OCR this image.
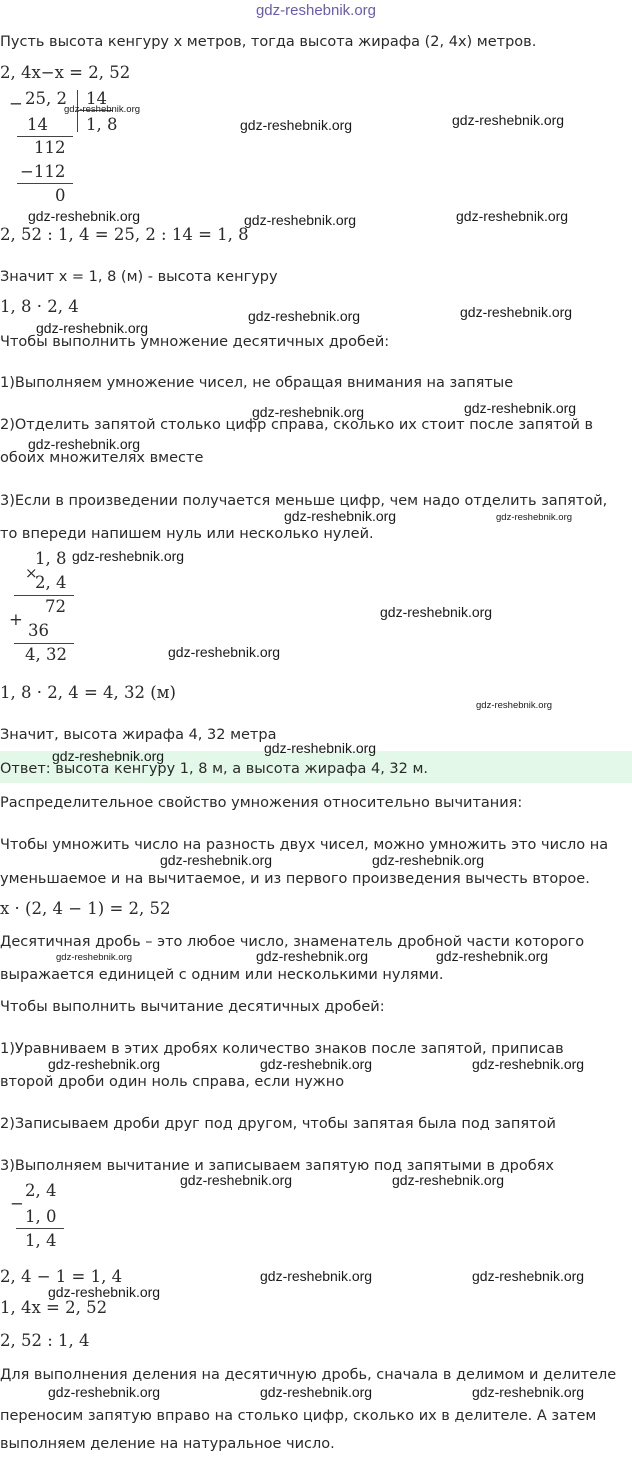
gdz-reshebnik.org
Пусть высота кенгуру x метров, тогда высота жирафа (2, 4x) метров.
2, 4x−x = 2, 52
2, 52 : 1, 4 = 25, 2 : 14 = 1, 8
Значит x = 1, 8 (м) - высота кенгуру
1, 8 · 2, 4
Чтобы выполнить умножение десятичных дробей:
1)Выполняем умножение чисел, не обращая внимания на запятые
2)Отделить запятой столько цифр справа, сколько их стоит после запятой в
обоих множителях вместе
3)Если в произведении получается меньше цифр, чем надо отделить запятой,
то впереди напишем нуль или несколько нулей.
1, 8 · 2, 4 = 4, 32 (м)
Значит, высота жирафа 4, 32 метра
Ответ: высота кенгуру 1, 8 м, а высота жирафа 4, 32 м.
Распределительное свойство умножения относительно вычитания:
Чтобы умножить число на разность двух чисел, можно умножить это число на
уменьшаемое и на вычитаемое, и из первого произведения вычесть второе.
x · (2, 4 − 1) = 2, 52
Десятичная дробь – это любое число, знаменатель дробной части которого
выражается единицей с одним или несколькими нулями.
Чтобы выполнить вычитание десятичных дробей:
1)Уравниваем в этих дробях количество знаков после запятой, приписав
второй дроби один ноль справа, если нужно
2)Записываем дроби друг под другом, чтобы запятая была под запятой
3)Выполняем вычитание и записываем запятую под запятыми в дробях
2, 4 − 1 = 1, 4
1, 4x = 2, 52
2, 52 : 1, 4
Для выполнения деления на десятичную дробь, сначала в делимом и делителе
переносим запятую вправо на столько цифр, сколько их в делителе. А затем
выполняем деление на натуральное число.
− 25, 2 14
14 1, 8
112
−112
0
1, 8
×
2, 4
72
+
36
4, 32
2, 4
−
1, 0
1, 4
gdz-reshebnik.org
gdz-reshebnik.org	gdz-reshebnik.org
gdz-reshebnik.org	gdz-reshebnik.org	gdz-reshebnik.org
gdz-reshebnik.org
gdz-reshebnik.org	gdz-reshebnik.org
gdz-reshebnik.org	gdz-reshebnik.org
gdz-reshebnik.org
gdz-reshebnik.org	gdz-reshebnik.org
gdz-reshebnik.org
gdz-reshebnik.org
gdz-reshebnik.org
gdz-reshebnik.org
gdz-reshebnik.org
gdz-reshebnik.org
gdz-reshebnik.org	gdz-reshebnik.org
gdz-reshebnik.org	gdz-reshebnik.org	gdz-reshebnik.org
gdz-reshebnik.org	gdz-reshebnik.org	gdz-reshebnik.org
gdz-reshebnik.org	gdz-reshebnik.org
gdz-reshebnik.org	gdz-reshebnik.org
gdz-reshebnik.org
gdz-reshebnik.org	gdz-reshebnik.org	gdz-reshebnik.org
